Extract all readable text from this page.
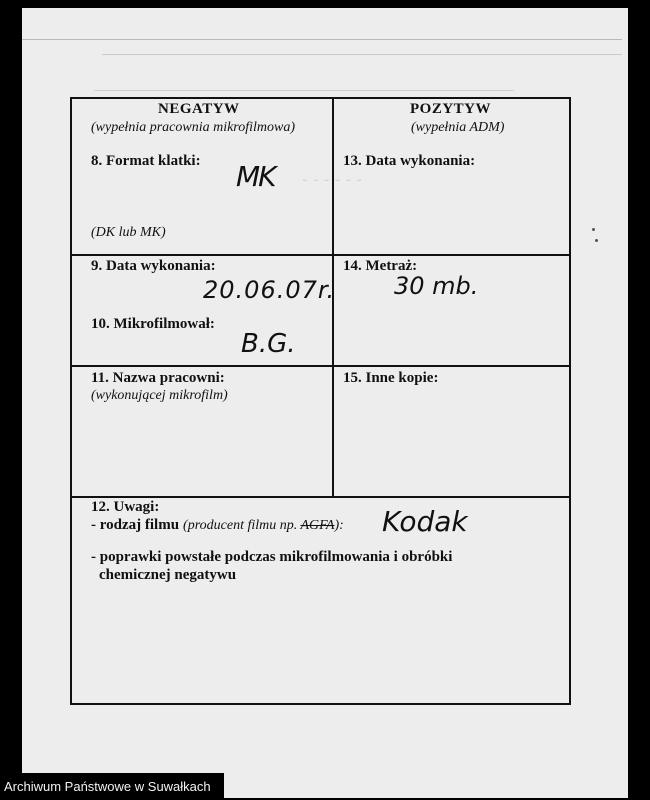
- - - - - -
NEGATYW
(wypełnia pracownia mikrofilmowa)
POZYTYW
(wypełnia ADM)
8. Format klatki: MK
(DK lub MK)
13. Data wykonania:
9. Data wykonania:
20.06.07r.
10. Mikrofilmował:
B.G.
14. Metraż:
30 mb.
11. Nazwa pracowni:
(wykonującej mikrofilm)
15. Inne kopie:
12. Uwagi:
- rodzaj filmu (producent filmu np. AGFA): Kodak
- poprawki powstałe podczas mikrofilmowania i obróbki
chemicznej negatywu
Archiwum Państwowe w Suwałkach
